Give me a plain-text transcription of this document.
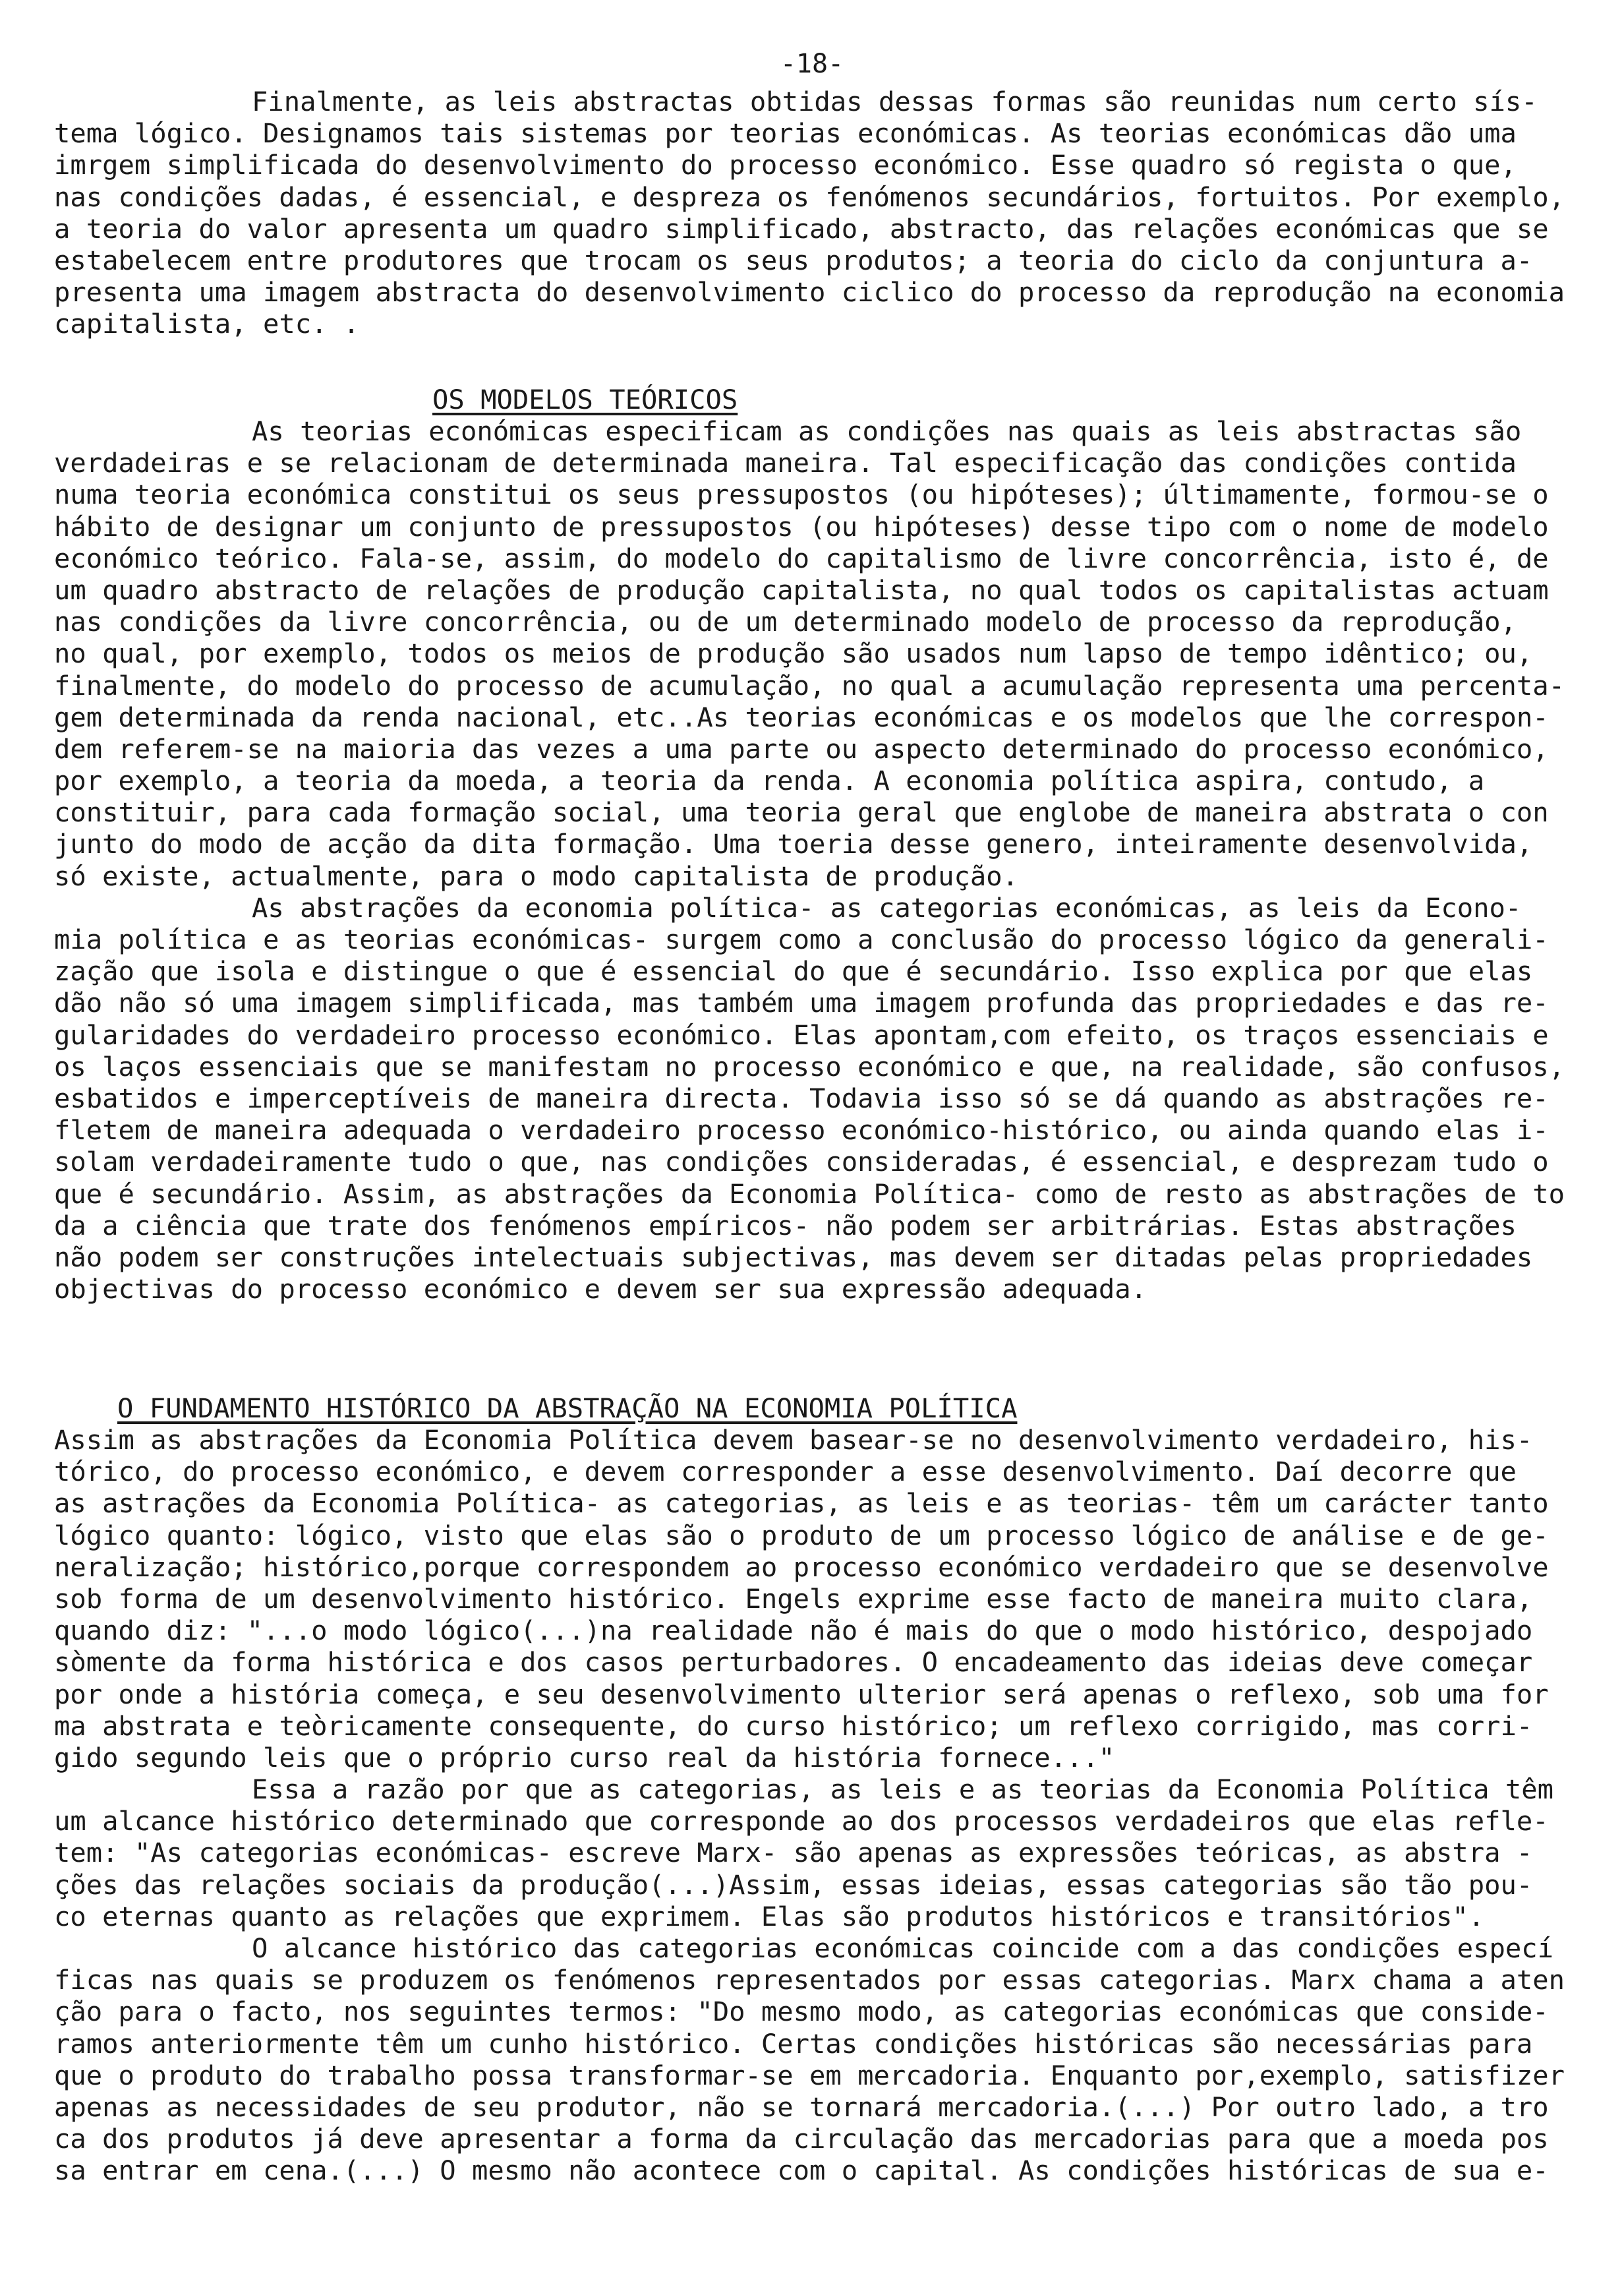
-18-
Finalmente, as leis abstractas obtidas dessas formas são reunidas num certo sís-
tema lógico. Designamos tais sistemas por teorias económicas. As teorias económicas dão uma
imrgem simplificada do desenvolvimento do processo económico. Esse quadro só regista o que,
nas condições dadas, é essencial, e despreza os fenómenos secundários, fortuitos. Por exemplo,
a teoria do valor apresenta um quadro simplificado, abstracto, das relações económicas que se
estabelecem entre produtores que trocam os seus produtos; a teoria do ciclo da conjuntura a-
presenta uma imagem abstracta do desenvolvimento ciclico do processo da reprodução na economia
capitalista, etc. .
OS MODELOS TEÓRICOS
As teorias económicas especificam as condições nas quais as leis abstractas são
verdadeiras e se relacionam de determinada maneira. Tal especificação das condições contida
numa teoria económica constitui os seus pressupostos (ou hipóteses); últimamente, formou-se o
hábito de designar um conjunto de pressupostos (ou hipóteses) desse tipo com o nome de modelo
económico teórico. Fala-se, assim, do modelo do capitalismo de livre concorrência, isto é, de
um quadro abstracto de relações de produção capitalista, no qual todos os capitalistas actuam
nas condições da livre concorrência, ou de um determinado modelo de processo da reprodução,
no qual, por exemplo, todos os meios de produção são usados num lapso de tempo idêntico; ou,
finalmente, do modelo do processo de acumulação, no qual a acumulação representa uma percenta-
gem determinada da renda nacional, etc..As teorias económicas e os modelos que lhe correspon-
dem referem-se na maioria das vezes a uma parte ou aspecto determinado do processo económico,
por exemplo, a teoria da moeda, a teoria da renda. A economia política aspira, contudo, a
constituir, para cada formação social, uma teoria geral que englobe de maneira abstrata o con
junto do modo de acção da dita formação. Uma toeria desse genero, inteiramente desenvolvida,
só existe, actualmente, para o modo capitalista de produção.
As abstrações da economia política- as categorias económicas, as leis da Econo-
mia política e as teorias económicas- surgem como a conclusão do processo lógico da generali-
zação que isola e distingue o que é essencial do que é secundário. Isso explica por que elas
dão não só uma imagem simplificada, mas também uma imagem profunda das propriedades e das re-
gularidades do verdadeiro processo económico. Elas apontam,com efeito, os traços essenciais e
os laços essenciais que se manifestam no processo económico e que, na realidade, são confusos,
esbatidos e imperceptíveis de maneira directa. Todavia isso só se dá quando as abstrações re-
fletem de maneira adequada o verdadeiro processo económico-histórico, ou ainda quando elas i-
solam verdadeiramente tudo o que, nas condições consideradas, é essencial, e desprezam tudo o
que é secundário. Assim, as abstrações da Economia Política- como de resto as abstrações de to
da a ciência que trate dos fenómenos empíricos- não podem ser arbitrárias. Estas abstrações
não podem ser construções intelectuais subjectivas, mas devem ser ditadas pelas propriedades
objectivas do processo económico e devem ser sua expressão adequada.
O FUNDAMENTO HISTÓRICO DA ABSTRAÇÃO NA ECONOMIA POLÍTICA
Assim as abstrações da Economia Política devem basear-se no desenvolvimento verdadeiro, his-
tórico, do processo económico, e devem corresponder a esse desenvolvimento. Daí decorre que
as astrações da Economia Política- as categorias, as leis e as teorias- têm um carácter tanto
lógico quanto: lógico, visto que elas são o produto de um processo lógico de análise e de ge-
neralização; histórico,porque correspondem ao processo económico verdadeiro que se desenvolve
sob forma de um desenvolvimento histórico. Engels exprime esse facto de maneira muito clara,
quando diz: "...o modo lógico(...)na realidade não é mais do que o modo histórico, despojado
sòmente da forma histórica e dos casos perturbadores. O encadeamento das ideias deve começar
por onde a história começa, e seu desenvolvimento ulterior será apenas o reflexo, sob uma for
ma abstrata e teòricamente consequente, do curso histórico; um reflexo corrigido, mas corri-
gido segundo leis que o próprio curso real da história fornece..."
Essa a razão por que as categorias, as leis e as teorias da Economia Política têm
um alcance histórico determinado que corresponde ao dos processos verdadeiros que elas refle-
tem: "As categorias económicas- escreve Marx- são apenas as expressões teóricas, as abstra -
ções das relações sociais da produção(...)Assim, essas ideias, essas categorias são tão pou-
co eternas quanto as relações que exprimem. Elas são produtos históricos e transitórios".
O alcance histórico das categorias económicas coincide com a das condições especí
ficas nas quais se produzem os fenómenos representados por essas categorias. Marx chama a aten
ção para o facto, nos seguintes termos: "Do mesmo modo, as categorias económicas que conside-
ramos anteriormente têm um cunho histórico. Certas condições históricas são necessárias para
que o produto do trabalho possa transformar-se em mercadoria. Enquanto por,exemplo, satisfizer
apenas as necessidades de seu produtor, não se tornará mercadoria.(...) Por outro lado, a tro
ca dos produtos já deve apresentar a forma da circulação das mercadorias para que a moeda pos
sa entrar em cena.(...) O mesmo não acontece com o capital. As condições históricas de sua e-
